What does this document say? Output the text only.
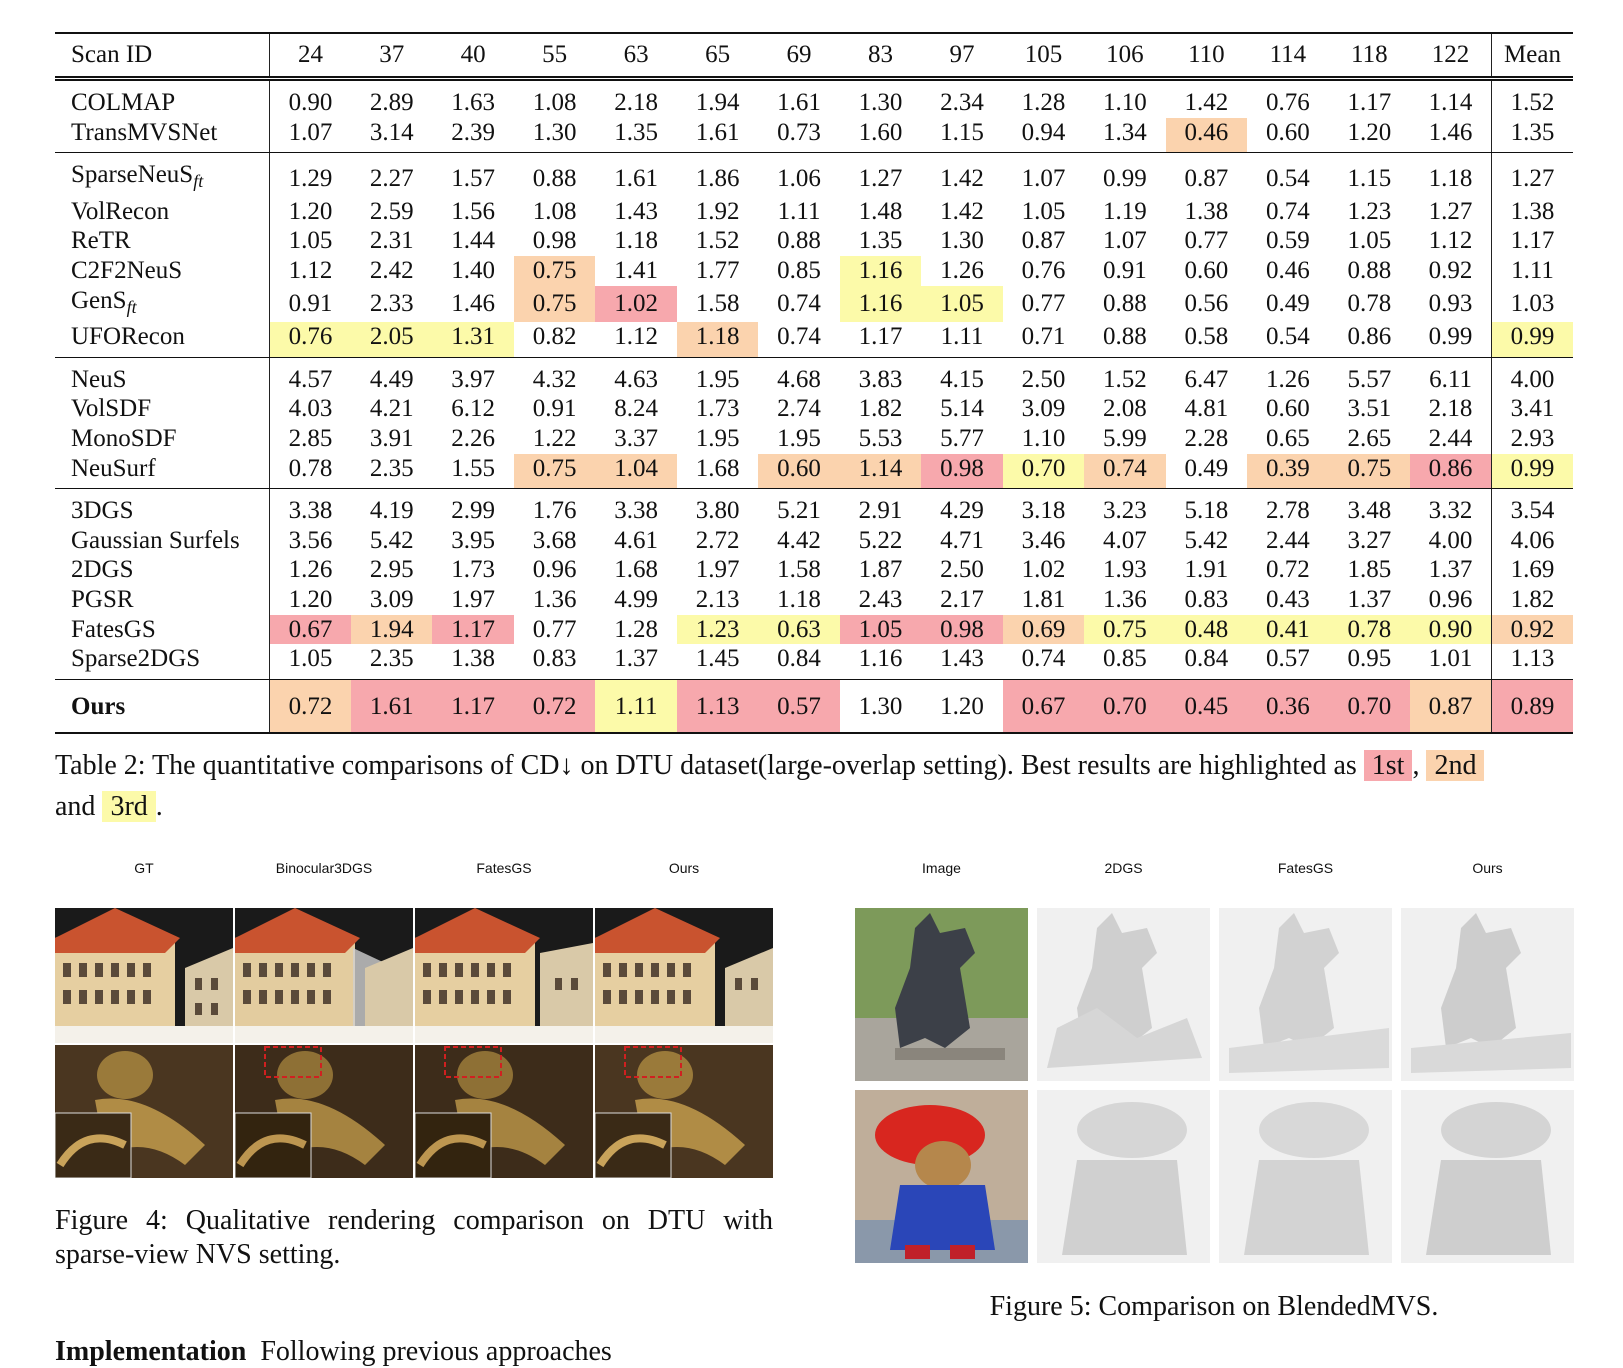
Scan ID	24	37	40	55	63	65	69	83	97	105	106	110	114	118	122	Mean
COLMAP	0.90	2.89	1.63	1.08	2.18	1.94	1.61	1.30	2.34	1.28	1.10	1.42	0.76	1.17	1.14	1.52
TransMVSNet	1.07	3.14	2.39	1.30	1.35	1.61	0.73	1.60	1.15	0.94	1.34	0.46	0.60	1.20	1.46	1.35
SparseNeuS$_{ft}$	1.29	2.27	1.57	0.88	1.61	1.86	1.06	1.27	1.42	1.07	0.99	0.87	0.54	1.15	1.18	1.27
VolRecon	1.20	2.59	1.56	1.08	1.43	1.92	1.11	1.48	1.42	1.05	1.19	1.38	0.74	1.23	1.27	1.38
ReTR	1.05	2.31	1.44	0.98	1.18	1.52	0.88	1.35	1.30	0.87	1.07	0.77	0.59	1.05	1.12	1.17
C2F2NeuS	1.12	2.42	1.40	0.75	1.41	1.77	0.85	1.16	1.26	0.76	0.91	0.60	0.46	0.88	0.92	1.11
GenS$_{ft}$	0.91	2.33	1.46	0.75	1.02	1.58	0.74	1.16	1.05	0.77	0.88	0.56	0.49	0.78	0.93	1.03
UFORecon	0.76	2.05	1.31	0.82	1.12	1.18	0.74	1.17	1.11	0.71	0.88	0.58	0.54	0.86	0.99	0.99
NeuS	4.57	4.49	3.97	4.32	4.63	1.95	4.68	3.83	4.15	2.50	1.52	6.47	1.26	5.57	6.11	4.00
VolSDF	4.03	4.21	6.12	0.91	8.24	1.73	2.74	1.82	5.14	3.09	2.08	4.81	0.60	3.51	2.18	3.41
MonoSDF	2.85	3.91	2.26	1.22	3.37	1.95	1.95	5.53	5.77	1.10	5.99	2.28	0.65	2.65	2.44	2.93
NeuSurf	0.78	2.35	1.55	0.75	1.04	1.68	0.60	1.14	0.98	0.70	0.74	0.49	0.39	0.75	0.86	0.99
3DGS	3.38	4.19	2.99	1.76	3.38	3.80	5.21	2.91	4.29	3.18	3.23	5.18	2.78	3.48	3.32	3.54
Gaussian Surfels	3.56	5.42	3.95	3.68	4.61	2.72	4.42	5.22	4.71	3.46	4.07	5.42	2.44	3.27	4.00	4.06
2DGS	1.26	2.95	1.73	0.96	1.68	1.97	1.58	1.87	2.50	1.02	1.93	1.91	0.72	1.85	1.37	1.69
PGSR	1.20	3.09	1.97	1.36	4.99	2.13	1.18	2.43	2.17	1.81	1.36	0.83	0.43	1.37	0.96	1.82
FatesGS	0.67	1.94	1.17	0.77	1.28	1.23	0.63	1.05	0.98	0.69	0.75	0.48	0.41	0.78	0.90	0.92
Sparse2DGS	1.05	2.35	1.38	0.83	1.37	1.45	0.84	1.16	1.43	0.74	0.85	0.84	0.57	0.95	1.01	1.13
Ours	0.72	1.61	1.17	0.72	1.11	1.13	0.57	1.30	1.20	0.67	0.70	0.45	0.36	0.70	0.87	0.89
Table 2: The quantitative comparisons of CD↓ on DTU dataset(large-overlap setting). Best results are highlighted as 1st , 2nd
and 3rd .
GT	Binocular3DGS	FatesGS	Ours
Figure 4: Qualitative rendering comparison on DTU with sparse-view NVS setting.
Image	2DGS	FatesGS	Ours
Figure 5: Comparison on BlendedMVS.
Implementation Following previous approaches
